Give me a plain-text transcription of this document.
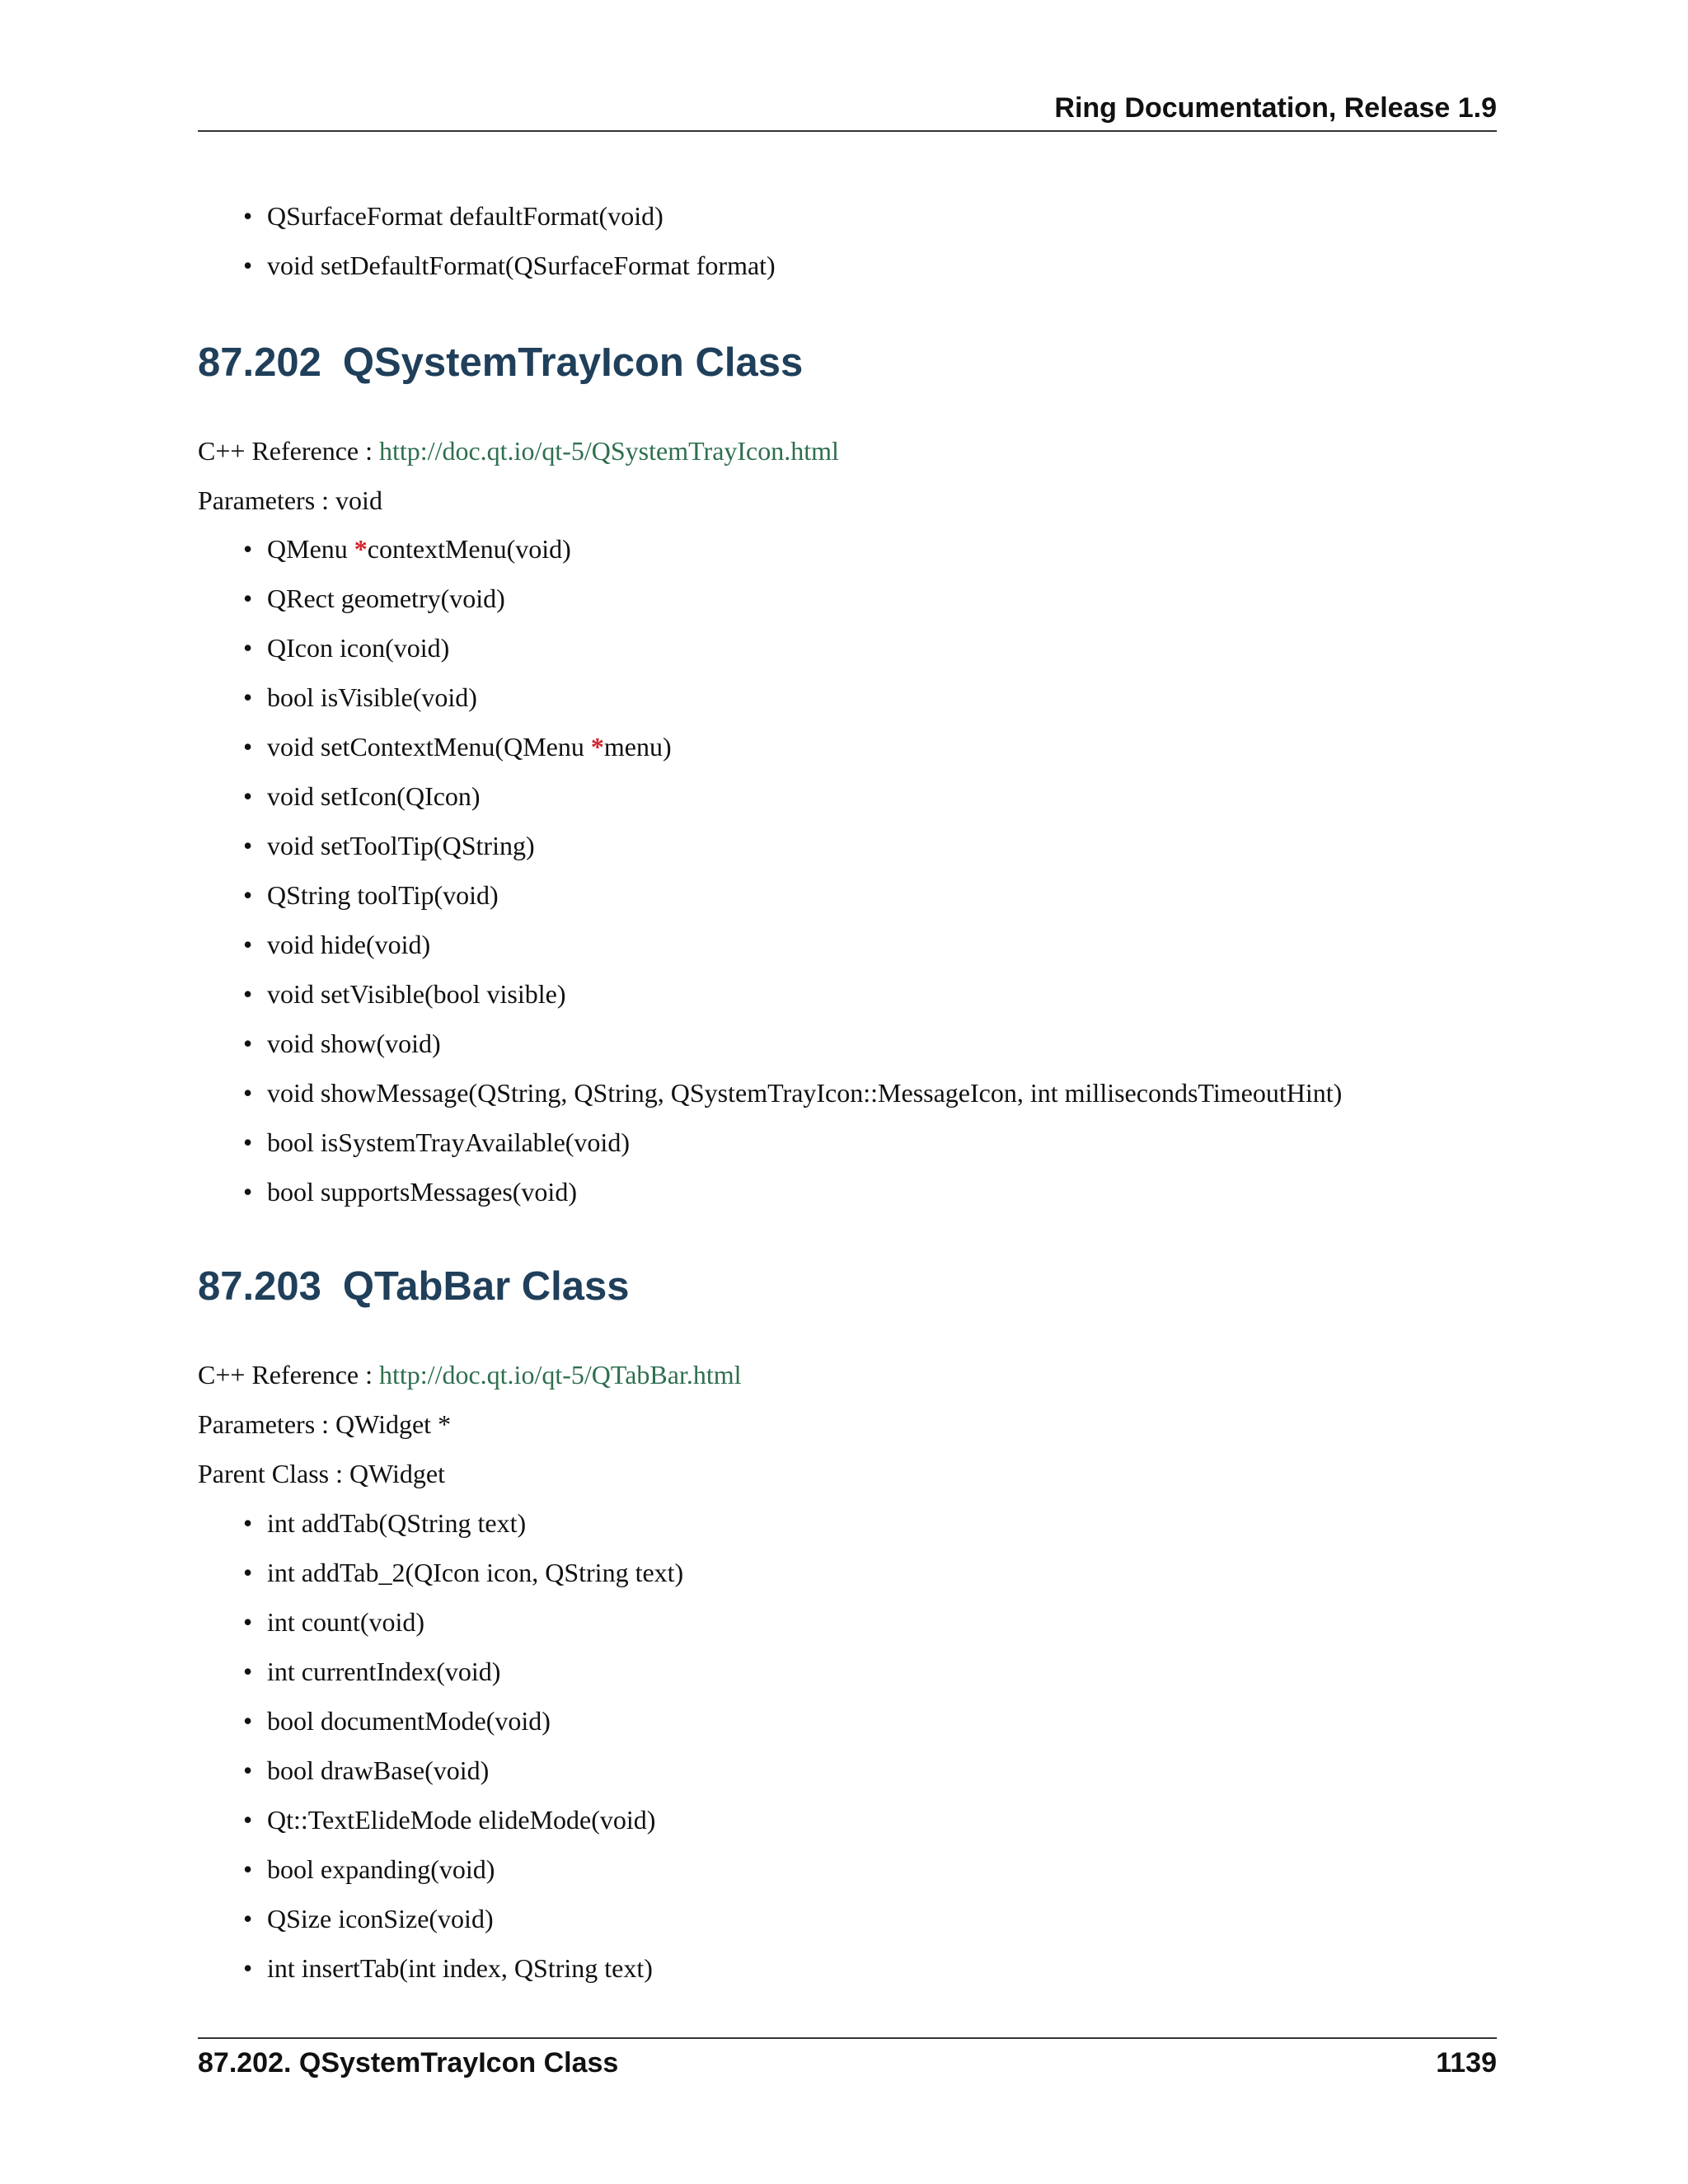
Ring Documentation, Release 1.9
• QSurfaceFormat defaultFormat(void)
• void setDefaultFormat(QSurfaceFormat format)
87.202 QSystemTrayIcon Class

C++ Reference : http://doc.qt.io/qt-5/QSystemTrayIcon.html

Parameters : void

• QMenu *contextMenu(void)
• QRect geometry(void)
• QIcon icon(void)
• bool isVisible(void)
• void setContextMenu(QMenu *menu)
• void setIcon(QIcon)
• void setToolTip(QString)
• QString toolTip(void)
• void hide(void)
• void setVisible(bool visible)
• void show(void)
• void showMessage(QString, QString, QSystemTrayIcon::MessageIcon, int millisecondsTimeoutHint)
• bool isSystemTrayAvailable(void)
• bool supportsMessages(void)
87.203 QTabBar Class

C++ Reference : http://doc.qt.io/qt-5/QTabBar.html

Parameters : QWidget *

Parent Class : QWidget

• int addTab(QString text)
• int addTab_2(QIcon icon, QString text)
• int count(void)
• int currentIndex(void)
• bool documentMode(void)
• bool drawBase(void)
• Qt::TextElideMode elideMode(void)
• bool expanding(void)
• QSize iconSize(void)
• int insertTab(int index, QString text)
87.202. QSystemTrayIcon Class	1139
